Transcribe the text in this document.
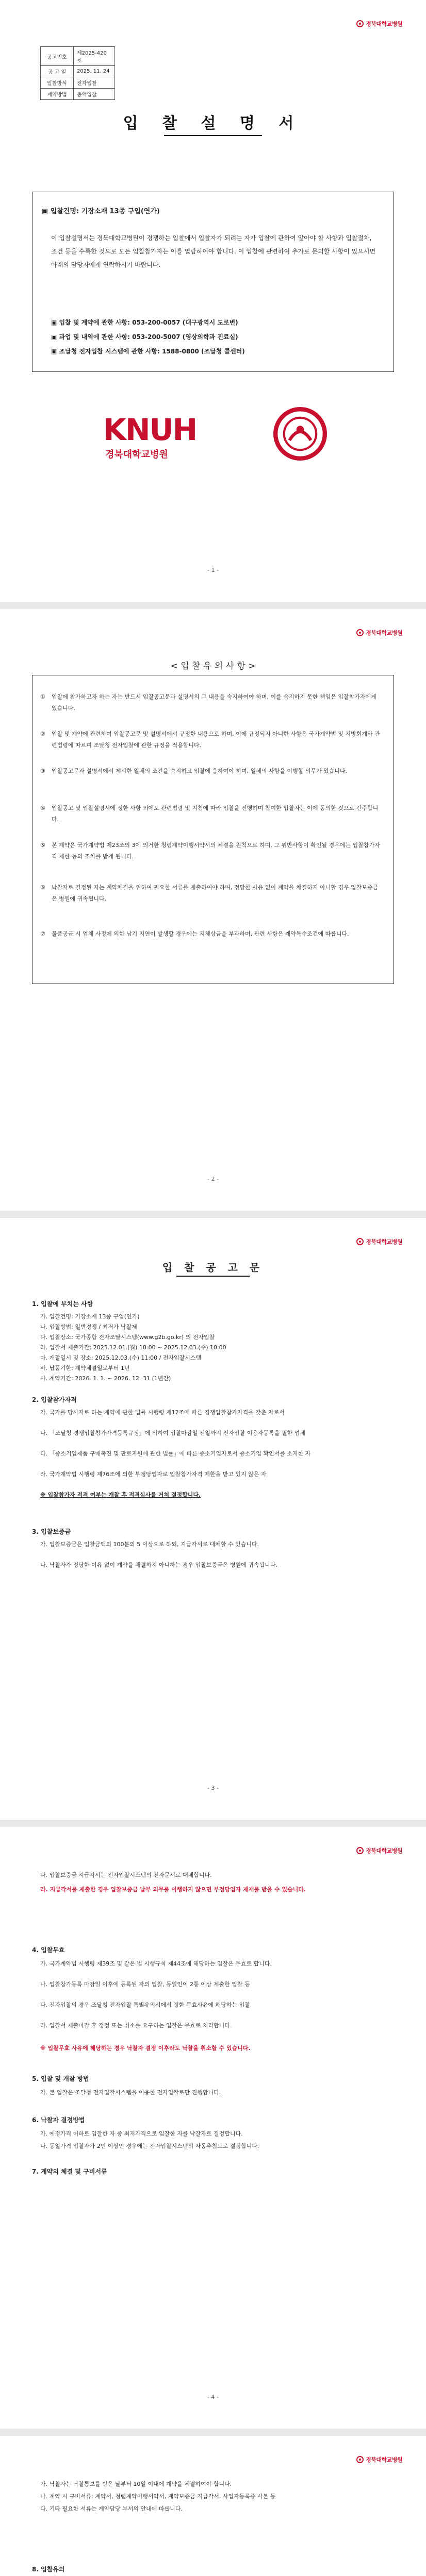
경북대학교병원
공고번호	제2025-420호
공 고 일	2025. 11. 24
입찰방식	전자입찰
계약방법	총액입찰
입 찰 설 명 서
▣ 입찰건명: 기장소재 13종 구입(연가)
이 입찰설명서는 경북대학교병원이 경쟁하는 입찰에서 입찰자가 되려는 자가 입찰에 관하여 알아야 할 사항과 입찰절차, 조건 등을 수록한 것으로 모든 입찰참가자는 이를 열람하여야 합니다. 이 입찰에 관련하여 추가로 문의할 사항이 있으시면 아래의 담당자에게 연락하시기 바랍니다.
▣ 입찰 및 계약에 관한 사항: 053-200-0057 (대구광역시 도로변)
▣ 과업 및 내역에 관한 사항: 053-200-5007 (영상의학과 진료실)
▣ 조달청 전자입찰 시스템에 관한 사항: 1588-0800 (조달청 콜센터)
KNUH
경북대학교병원
- 1 -
경북대학교병원
< 입 찰 유 의 사 항 >
① 입찰에 참가하고자 하는 자는 반드시 입찰공고문과 설명서의 그 내용을 숙지하여야 하며, 이를 숙지하지 못한 책임은 입찰참가자에게 있습니다.
② 입찰 및 계약에 관련하여 입찰공고문 및 설명서에서 규정한 내용으로 하며, 이에 규정되지 아니한 사항은 국가계약법 및 지방회계와 관련법령에 따르며 조달청 전자입찰에 관한 규정을 적용합니다.
③ 입찰공고문과 설명서에서 제시한 일체의 조건을 숙지하고 입찰에 응하여야 하며, 일체의 사항을 이행할 의무가 있습니다.
④ 입찰공고 및 입찰설명서에 정한 사항 외에도 관련법령 및 지침에 따라 입찰을 진행하며 참여한 입찰자는 이에 동의한 것으로 간주합니다.
⑤ 본 계약은 국가계약법 제23조의 3에 의거한 청렴계약이행서약서의 체결을 원칙으로 하며, 그 위반사항이 확인될 경우에는 입찰참가자격 제한 등의 조치를 받게 됩니다.
⑥ 낙찰자로 결정된 자는 계약체결을 위하여 필요한 서류를 제출하여야 하며, 정당한 사유 없이 계약을 체결하지 아니할 경우 입찰보증금은 병원에 귀속됩니다.
⑦ 물품공급 시 업체 사정에 의한 납기 지연이 발생할 경우에는 지체상금을 부과하며, 관련 사항은 계약특수조건에 따릅니다.
- 2 -
경북대학교병원
입 찰 공 고 문
1. 입찰에 부치는 사항
가. 입찰건명: 기장소재 13종 구입(연가)
나. 입찰방법: 일반경쟁 / 최저가 낙찰제
다. 입찰장소: 국가종합 전자조달시스템(www.g2b.go.kr) 의 전자입찰
라. 입찰서 제출기간: 2025.12.01.(월) 10:00 ~ 2025.12.03.(수) 10:00
마. 개찰일시 및 장소: 2025.12.03.(수) 11:00 / 전자입찰시스템
바. 납품기한: 계약체결일로부터 1년
사. 계약기간: 2026. 1. 1. ~ 2026. 12. 31.(1년간)
2. 입찰참가자격
가. 국가를 당사자로 하는 계약에 관한 법률 시행령 제12조에 따른 경쟁입찰참가자격을 갖춘 자로서
나. 「조달청 경쟁입찰참가자격등록규정」에 의하여 입찰마감일 전일까지 전자입찰 이용자등록을 필한 업체
다. 「중소기업제품 구매촉진 및 판로지원에 관한 법률」에 따른 중소기업자로서 중소기업 확인서를 소지한 자
라. 국가계약법 시행령 제76조에 의한 부정당업자로 입찰참가자격 제한을 받고 있지 않은 자
※ 입찰참가자 적격 여부는 개찰 후 적격심사를 거쳐 결정합니다.
3. 입찰보증금
가. 입찰보증금은 입찰금액의 100분의 5 이상으로 하되, 지급각서로 대체할 수 있습니다.
나. 낙찰자가 정당한 이유 없이 계약을 체결하지 아니하는 경우 입찰보증금은 병원에 귀속됩니다.
- 3 -
경북대학교병원
다. 입찰보증금 지급각서는 전자입찰시스템의 전자문서로 대체합니다.
라. 지급각서를 제출한 경우 입찰보증금 납부 의무를 이행하지 않으면 부정당업자 제재를 받을 수 있습니다.
4. 입찰무효
가. 국가계약법 시행령 제39조 및 같은 법 시행규칙 제44조에 해당하는 입찰은 무효로 합니다.
나. 입찰참가등록 마감일 이후에 등록된 자의 입찰, 동일인이 2통 이상 제출한 입찰 등
다. 전자입찰의 경우 조달청 전자입찰 특별유의서에서 정한 무효사유에 해당하는 입찰
라. 입찰서 제출마감 후 정정 또는 취소를 요구하는 입찰은 무효로 처리합니다.
※ 입찰무효 사유에 해당하는 경우 낙찰자 결정 이후라도 낙찰을 취소할 수 있습니다.
5. 입찰 및 개찰 방법
가. 본 입찰은 조달청 전자입찰시스템을 이용한 전자입찰로만 진행합니다.
6. 낙찰자 결정방법
가. 예정가격 이하로 입찰한 자 중 최저가격으로 입찰한 자를 낙찰자로 결정합니다.
나. 동일가격 입찰자가 2인 이상인 경우에는 전자입찰시스템의 자동추첨으로 결정합니다.
7. 계약의 체결 및 구비서류
- 4 -
경북대학교병원
가. 낙찰자는 낙찰통보를 받은 날부터 10일 이내에 계약을 체결하여야 합니다.
나. 계약 시 구비서류: 계약서, 청렴계약이행서약서, 계약보증금 지급각서, 사업자등록증 사본 등
다. 기타 필요한 서류는 계약담당 부서의 안내에 따릅니다.
8. 입찰유의
